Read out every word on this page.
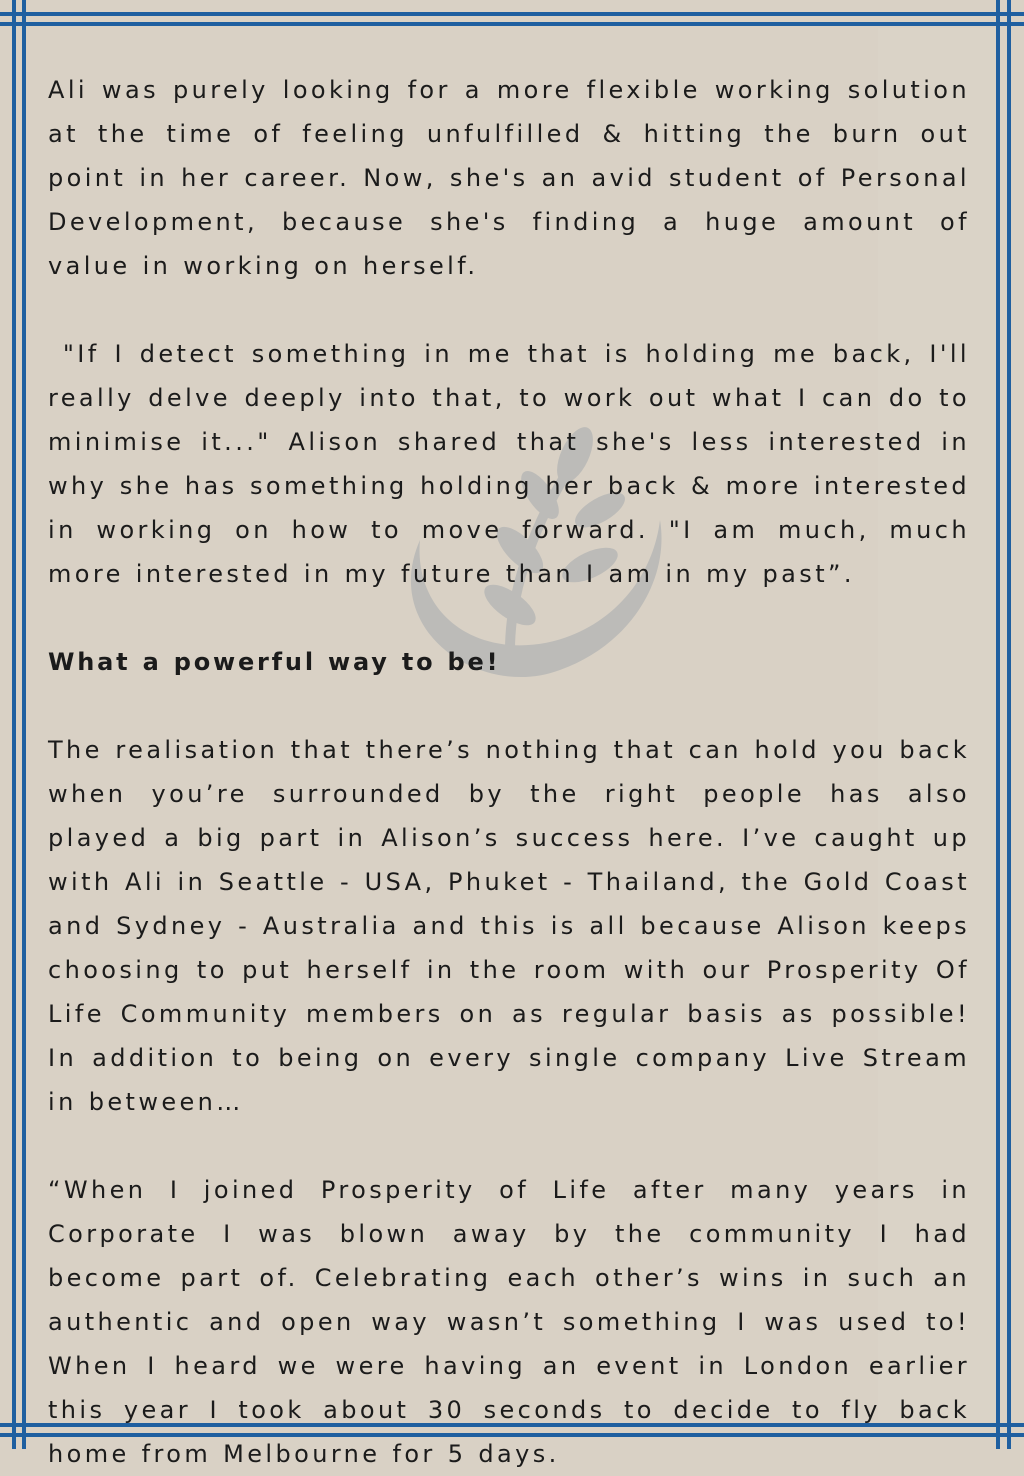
Ali was purely looking for a more flexible working solution at the time of feeling unfulfilled & hitting the burn out point in her career. Now, she's an avid student of Personal Development, because she's finding a huge amount of value in working on herself.

"If I detect something in me that is holding me back, I'll really delve deeply into that, to work out what I can do to minimise it..." Alison shared that she's less interested in why she has something holding her back & more interested in working on how to move forward. "I am much, much more interested in my future than I am in my past”.

What a powerful way to be!

The realisation that there’s nothing that can hold you back when you’re surrounded by the right people has also played a big part in Alison’s success here. I’ve caught up with Ali in Seattle - USA, Phuket - Thailand, the Gold Coast and Sydney - Australia and this is all because Alison keeps choosing to put herself in the room with our Prosperity Of Life Community members on as regular basis as possible! In addition to being on every single company Live Stream in between…

“When I joined Prosperity of Life after many years in Corporate I was blown away by the community I had become part of. Celebrating each other’s wins in such an authentic and open way wasn’t something I was used to! When I heard we were having an event in London earlier this year I took about 30 seconds to decide to fly back home from Melbourne for 5 days.
